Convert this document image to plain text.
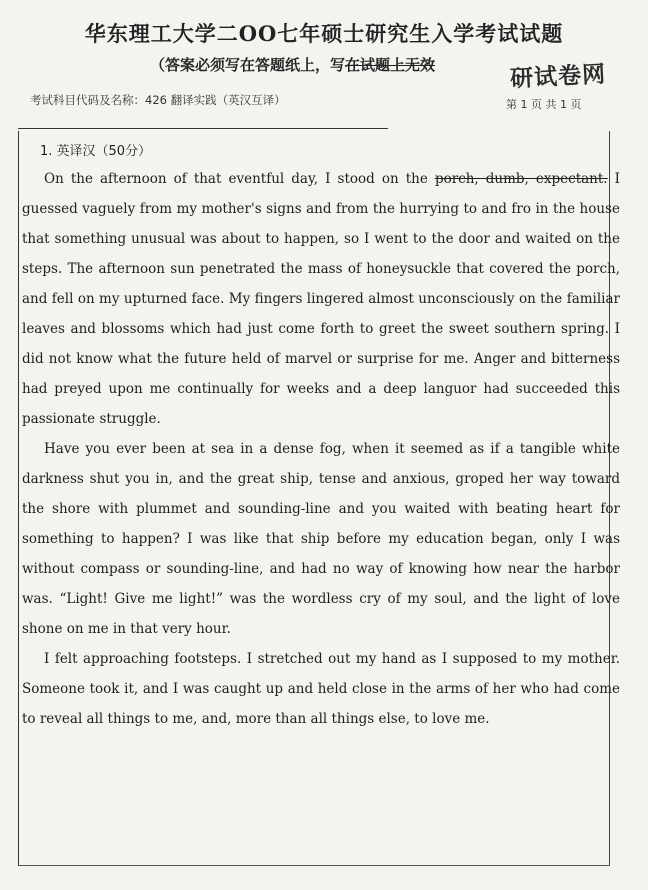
华东理工大学二OO七年硕士研究生入学考试试题
（答案必须写在答题纸上，写在试题上无效	研试卷网
第 1 页 共 1 页
考试科目代码及名称：426 翻译实践（英汉互译）
1. 英译汉（50分）

On the afternoon of that eventful day, I stood on the porch, dumb, expectant. I guessed vaguely from my mother's signs and from the hurrying to and fro in the house that something unusual was about to happen, so I went to the door and waited on the steps. The afternoon sun penetrated the mass of honeysuckle that covered the porch, and fell on my upturned face. My fingers lingered almost unconsciously on the familiar leaves and blossoms which had just come forth to greet the sweet southern spring. I did not know what the future held of marvel or surprise for me. Anger and bitterness had preyed upon me continually for weeks and a deep languor had succeeded this passionate struggle.

Have you ever been at sea in a dense fog, when it seemed as if a tangible white darkness shut you in, and the great ship, tense and anxious, groped her way toward the shore with plummet and sounding-line and you waited with beating heart for something to happen? I was like that ship before my education began, only I was without compass or sounding-line, and had no way of knowing how near the harbor was. “Light! Give me light!” was the wordless cry of my soul, and the light of love shone on me in that very hour.

I felt approaching footsteps. I stretched out my hand as I supposed to my mother. Someone took it, and I was caught up and held close in the arms of her who had come to reveal all things to me, and, more than all things else, to love me.
